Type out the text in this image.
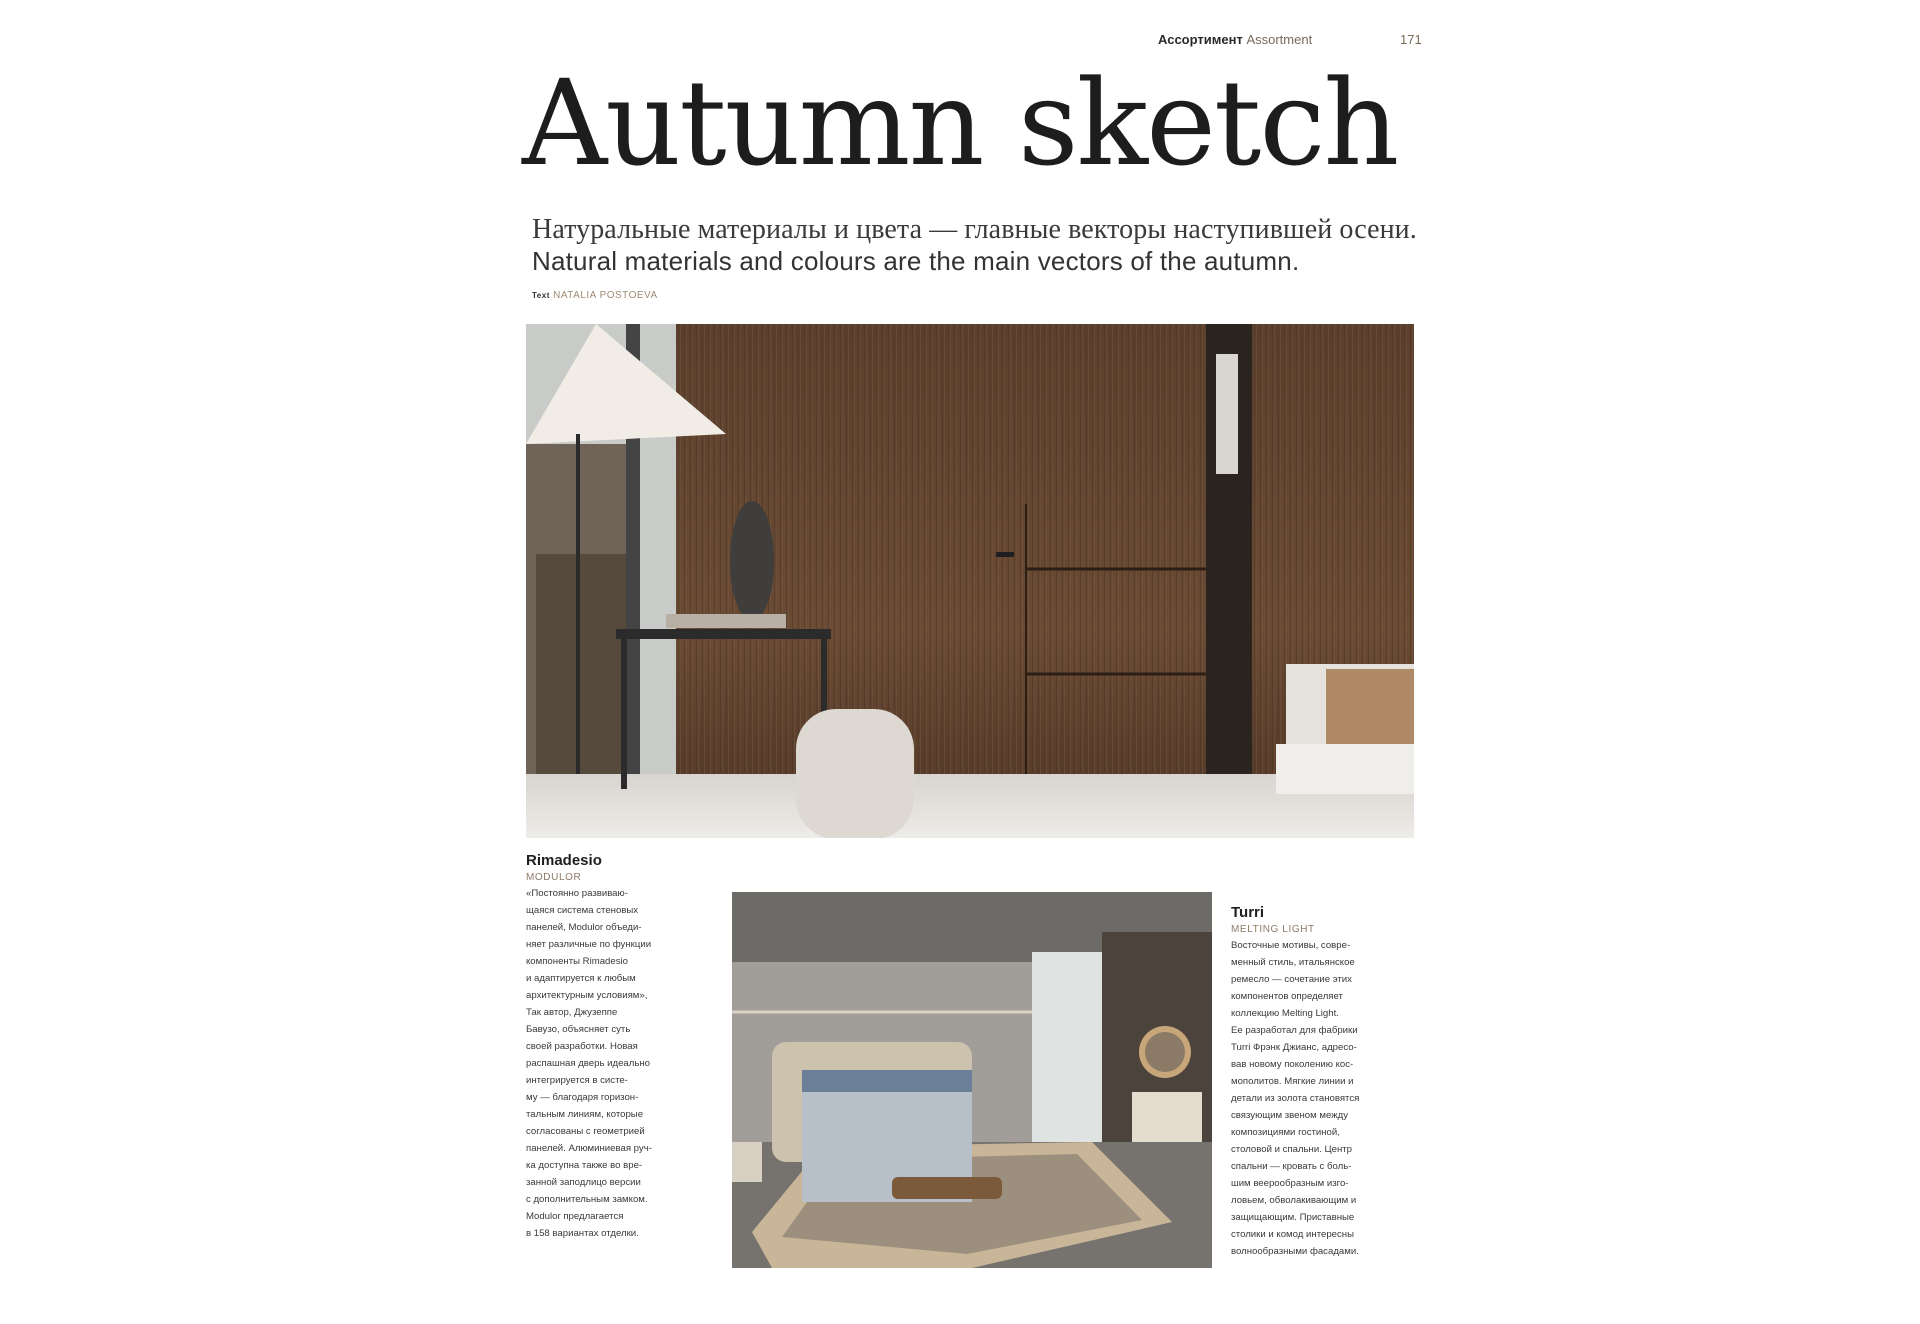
Ассортимент Assortment	171
Autumn sketch
Натуральные материалы и цвета — главные векторы наступившей осени.
Natural materials and colours are the main vectors of the autumn.
Text NATALIA POSTOEVA
Rimadesio
MODULOR
«Постоянно развиваю-
щаяся система стеновых
панелей, Modulor объеди-
няет различные по функции
компоненты Rimadesio
и адаптируется к любым
архитектурным условиям»,
Так автор, Джузеппе
Бавузо, объясняет суть
своей разработки. Новая
распашная дверь идеально
интегрируется в систе-
му — благодаря горизон-
тальным линиям, которые
согласованы с геометрией
панелей. Алюминиевая руч-
ка доступна также во вре-
занной заподлицо версии
с дополнительным замком.
Modulor предлагается
в 158 вариантах отделки.
Turri
MELTING LIGHT
Восточные мотивы, совре-
менный стиль, итальянское
ремесло — сочетание этих
компонентов определяет
коллекцию Melting Light.
Ее разработал для фабрики
Turri Фрэнк Джианс, адресо-
вав новому поколению кос-
мополитов. Мягкие линии и
детали из золота становятся
связующим звеном между
композициями гостиной,
столовой и спальни. Центр
спальни — кровать с боль-
шим веерообразным изго-
ловьем, обволакивающим и
защищающим. Приставные
столики и комод интересны
волнообразными фасадами.
